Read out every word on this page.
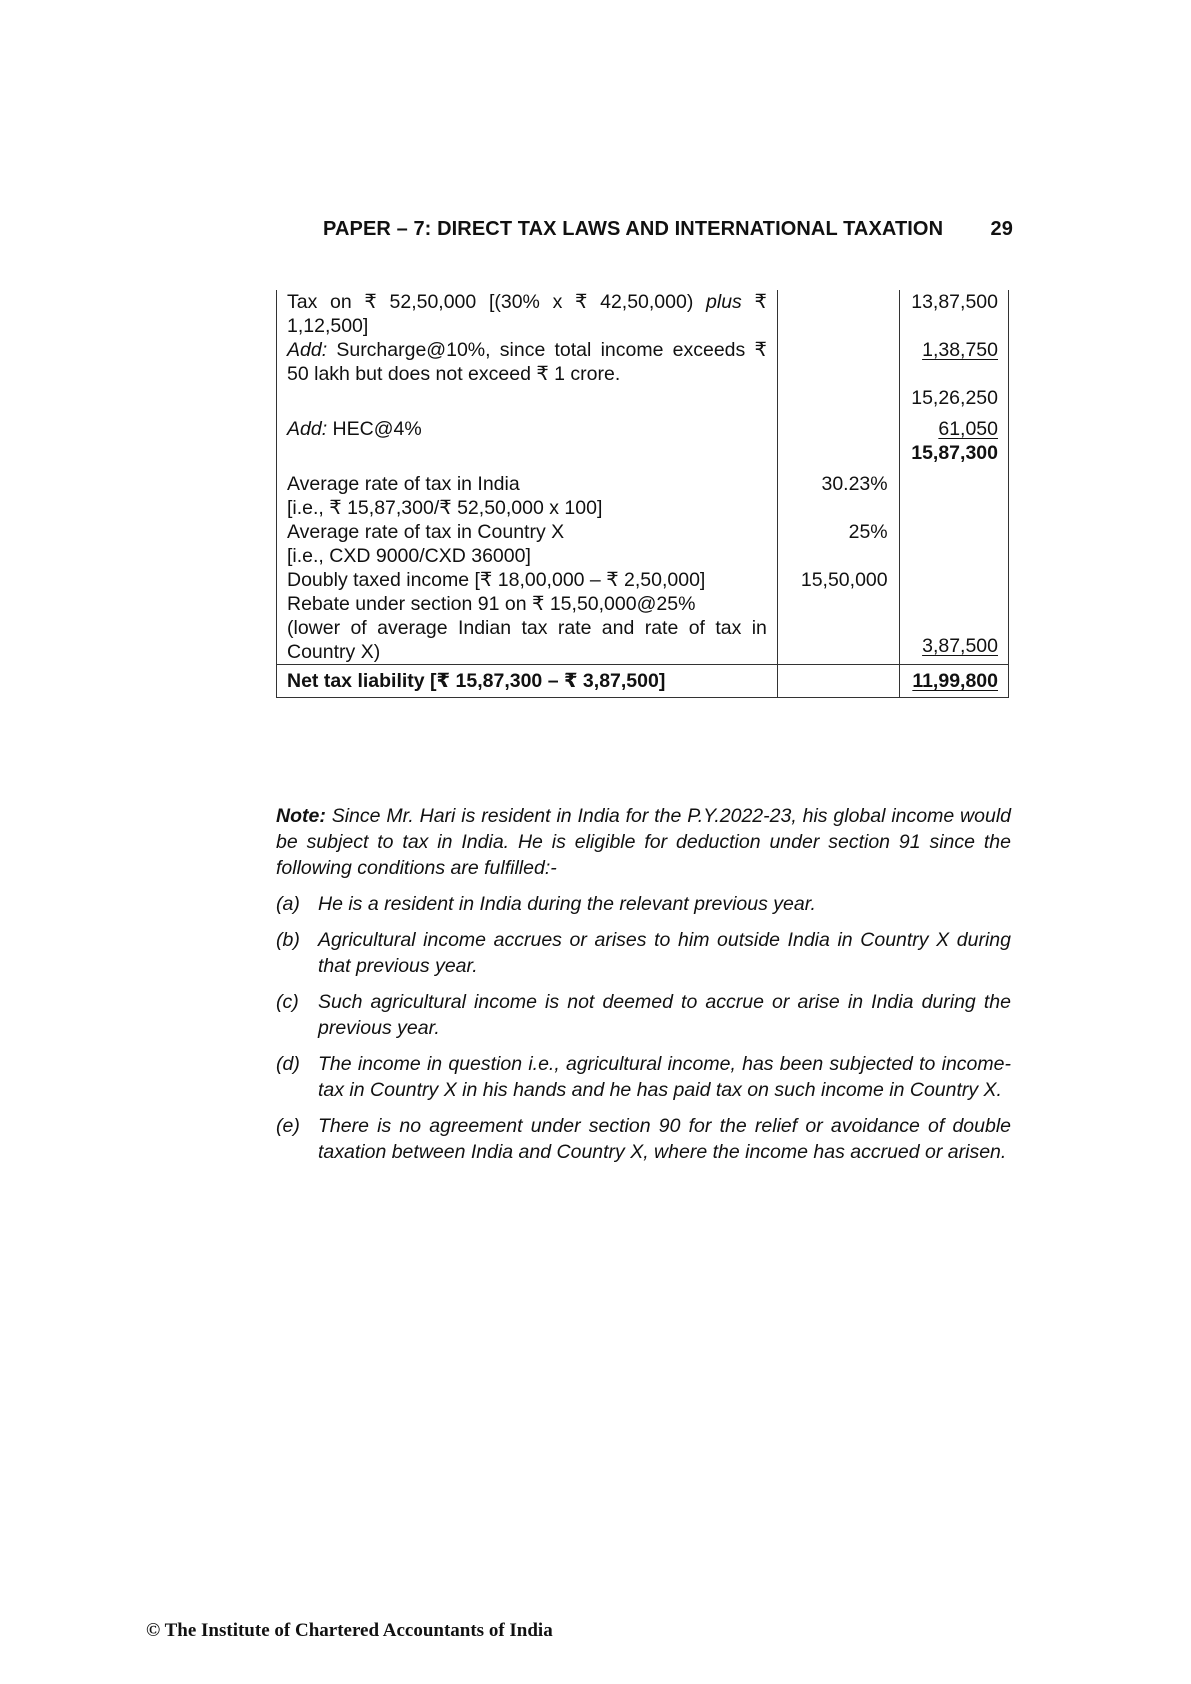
PAPER – 7: DIRECT TAX LAWS AND INTERNATIONAL TAXATION 29
Tax on ₹ 52,50,000 [(30% x ₹ 42,50,000) plus ₹ 1,12,500]		13,87,500
Add: Surcharge@10%, since total income exceeds ₹ 50 lakh but does not exceed ₹ 1 crore.		1,38,750
		15,26,250
Add: HEC@4%		61,050
		15,87,300
Average rate of tax in India	30.23%	
[i.e., ₹ 15,87,300/₹ 52,50,000 x 100]		
Average rate of tax in Country X	25%	
[i.e., CXD 9000/CXD 36000]		
Doubly taxed income [₹ 18,00,000 – ₹ 2,50,000]	15,50,000	
Rebate under section 91 on ₹ 15,50,000@25%		
(lower of average Indian tax rate and rate of tax in Country X)		3,87,500
Net tax liability [₹ 15,87,300 – ₹ 3,87,500]		11,99,800
Note: Since Mr. Hari is resident in India for the P.Y.2022-23, his global income would be subject to tax in India. He is eligible for deduction under section 91 since the following conditions are fulfilled:-
(a) He is a resident in India during the relevant previous year.
(b) Agricultural income accrues or arises to him outside India in Country X during that previous year.
(c) Such agricultural income is not deemed to accrue or arise in India during the previous year.
(d) The income in question i.e., agricultural income, has been subjected to income-tax in Country X in his hands and he has paid tax on such income in Country X.
(e) There is no agreement under section 90 for the relief or avoidance of double taxation between India and Country X, where the income has accrued or arisen.
© The Institute of Chartered Accountants of India
